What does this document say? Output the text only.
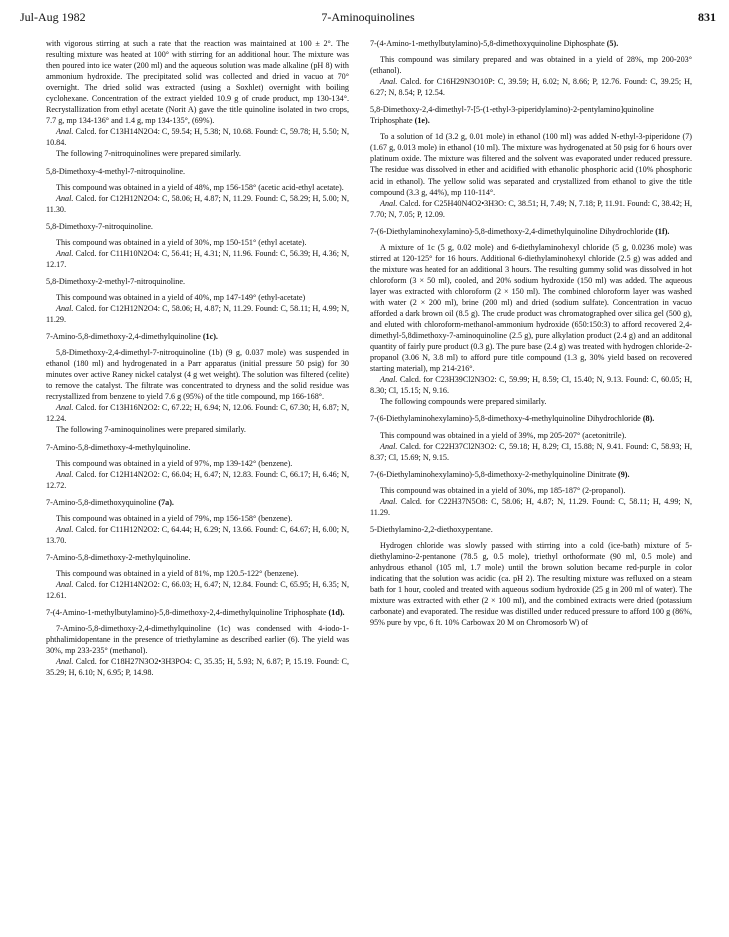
Jul-Aug 1982	7-Aminoquinolines	831

with vigorous stirring at such a rate that the reaction was maintained at 100 ± 2°. The resulting mixture was heated at 100° with stirring for an additional hour. The mixture was then poured into ice water (200 ml) and the aqueous solution was made alkaline (pH 8) with ammonium hydroxide. The precipitated solid was collected and dried in vacuo at 70° overnight. The dried solid was extracted (using a Soxhlet) overnight with boiling cyclohexane. Concentration of the extract yielded 10.9 g of crude product, mp 130-134°. Recrystallization from ethyl acetate (Norit A) gave the title quinoline isolated in two crops, 7.7 g, mp 134-136° and 1.4 g, mp 134-135°, (69%).

Anal. Calcd. for C13H14N2O4: C, 59.54; H, 5.38; N, 10.68. Found: C, 59.78; H, 5.50; N, 10.84.

The following 7-nitroquinolines were prepared similarly.

5,8-Dimethoxy-4-methyl-7-nitroquinoline.

This compound was obtained in a yield of 48%, mp 156-158° (acetic acid-ethyl acetate).

Anal. Calcd. for C12H12N2O4: C, 58.06; H, 4.87; N, 11.29. Found: C, 58.29; H, 5.00; N, 11.30.

5,8-Dimethoxy-7-nitroquinoline.

This compound was obtained in a yield of 30%, mp 150-151° (ethyl acetate).

Anal. Calcd. for C11H10N2O4: C, 56.41; H, 4.31; N, 11.96. Found: C, 56.39; H, 4.36; N, 12.17.

5,8-Dimethoxy-2-methyl-7-nitroquinoline.

This compound was obtained in a yield of 40%, mp 147-149° (ethyl-acetate)

Anal. Calcd. for C12H12N2O4: C, 58.06; H, 4.87; N, 11.29. Found: C, 58.11; H, 4.99; N, 11.29.

7-Amino-5,8-dimethoxy-2,4-dimethylquinoline (1c).

5,8-Dimethoxy-2,4-dimethyl-7-nitroquinoline (1b) (9 g, 0.037 mole) was suspended in ethanol (180 ml) and hydrogenated in a Parr apparatus (initial pressure 50 psig) for 30 minutes over active Raney nickel catalyst (4 g wet weight). The solution was filtered (celite) to remove the catalyst. The filtrate was concentrated to dryness and the solid residue was recrystallized from benzene to yield 7.6 g (95%) of the title compound, mp 166-168°.

Anal. Calcd. for C13H16N2O2: C, 67.22; H, 6.94; N, 12.06. Found: C, 67.30; H, 6.87; N, 12.24.

The following 7-aminoquinolines were prepared similarly.

7-Amino-5,8-dimethoxy-4-methylquinoline.

This compound was obtained in a yield of 97%, mp 139-142° (benzene).

Anal. Calcd. for C12H14N2O2: C, 66.04; H, 6.47; N, 12.83. Found: C, 66.17; H, 6.46; N, 12.72.

7-Amino-5,8-dimethoxyquinoline (7a).

This compound was obtained in a yield of 79%, mp 156-158° (benzene).

Anal. Calcd. for C11H12N2O2: C, 64.44; H, 6.29; N, 13.66. Found: C, 64.67; H, 6.00; N, 13.70.

7-Amino-5,8-dimethoxy-2-methylquinoline.

This compound was obtained in a yield of 81%, mp 120.5-122° (benzene).

Anal. Calcd. for C12H14N2O2: C, 66.03; H, 6.47; N, 12.84. Found: C, 65.95; H, 6.35; N, 12.61.

7-(4-Amino-1-methylbutylamino)-5,8-dimethoxy-2,4-dimethylquinoline Triphosphate (1d).

7-Amino-5,8-dimethoxy-2,4-dimethylquinoline (1c) was condensed with 4-iodo-1-phthalimidopentane in the presence of triethylamine as described earlier (6). The yield was 30%, mp 233-235° (methanol).

Anal. Calcd. for C18H27N3O2•3H3PO4: C, 35.35; H, 5.93; N, 6.87; P, 15.19. Found: C, 35.29; H, 6.10; N, 6.95; P, 14.98.

7-(4-Amino-1-methylbutylamino)-5,8-dimethoxyquinoline Diphosphate (5).

This compound was similary prepared and was obtained in a yield of 28%, mp 200-203° (ethanol).

Anal. Calcd. for C16H29N3O10P: C, 39.59; H, 6.02; N, 8.66; P, 12.76. Found: C, 39.25; H, 6.27; N, 8.54; P, 12.54.

5,8-Dimethoxy-2,4-dimethyl-7-[5-(1-ethyl-3-piperidylamino)-2-pentylamino]quinoline Triphosphate (1e).

To a solution of 1d (3.2 g, 0.01 mole) in ethanol (100 ml) was added N-ethyl-3-piperidone (7) (1.67 g, 0.013 mole) in ethanol (10 ml). The mixture was hydrogenated at 50 psig for 6 hours over platinum oxide. The mixture was filtered and the solvent was evaporated under reduced pressure. The residue was dissolved in ether and acidified with ethanolic phosphoric acid (10% phosphoric acid in ethanol). The yellow solid was separated and crystallized from ethanol to give the title compound (3.3 g, 44%), mp 110-114°.

Anal. Calcd. for C25H40N4O2•3H3O: C, 38.51; H, 7.49; N, 7.18; P, 11.91. Found: C, 38.42; H, 7.70; N, 7.05; P, 12.09.

7-(6-Diethylaminohexylamino)-5,8-dimethoxy-2,4-dimethylquinoline Dihydrochloride (1f).

A mixture of 1c (5 g, 0.02 mole) and 6-diethylaminohexyl chloride (5 g, 0.0236 mole) was stirred at 120-125° for 16 hours. Additional 6-diethylaminohexyl chloride (2.5 g) was added and the mixture was heated for an additional 3 hours. The resulting gummy solid was dissolved in hot chloroform (3 × 50 ml), cooled, and 20% sodium hydroxide (150 ml) was added. The aqueous layer was extracted with chloroform (2 × 150 ml). The combined chloroform layer was washed with water (2 × 200 ml), brine (200 ml) and dried (sodium sulfate). Concentration in vacuo afforded a dark brown oil (8.5 g). The crude product was chromatographed over silica gel (500 g), and eluted with chloroform-methanol-ammonium hydroxide (650:150:3) to afford recovered 2,4-dimethyl-5,8dimethoxy-7-aminoquinoline (2.5 g), pure alkylation product (2.4 g) and an additonal quantity of fairly pure product (0.3 g). The pure base (2.4 g) was treated with hydrogen chloride-2-propanol (3.06 N, 3.8 ml) to afford pure title compound (1.3 g, 30% yield based on recovered starting material), mp 214-216°.

Anal. Calcd. for C23H39Cl2N3O2: C, 59.99; H, 8.59; Cl, 15.40; N, 9.13. Found: C, 60.05; H, 8.30; Cl, 15.15; N, 9.16.

The following compounds were prepared similarly.

7-(6-Diethylaminohexylamino)-5,8-dimethoxy-4-methylquinoline Dihydrochloride (8).

This compound was obtained in a yield of 39%, mp 205-207° (acetonitrile).

Anal. Calcd. for C22H37Cl2N3O2: C, 59.18; H, 8.29; Cl, 15.88; N, 9.41. Found: C, 58.93; H, 8.37; Cl, 15.69; N, 9.15.

7-(6-Diethylaminohexylamino)-5,8-dimethoxy-2-methylquinoline Dinitrate (9).

This compound was obtained in a yield of 30%, mp 185-187° (2-propanol).

Anal. Calcd. for C22H37N5O8: C, 58.06; H, 4.87; N, 11.29. Found: C, 58.11; H, 4.99; N, 11.29.

5-Diethylamino-2,2-diethoxypentane.

Hydrogen chloride was slowly passed with stirring into a cold (ice-bath) mixture of 5-diethylamino-2-pentanone (78.5 g, 0.5 mole), triethyl orthoformate (90 ml, 0.5 mole) and anhydrous ethanol (105 ml, 1.7 mole) until the brown solution became red-purple in color indicating that the solution was acidic (ca. pH 2). The resulting mixture was refluxed on a steam bath for 1 hour, cooled and treated with aqueous sodium hydroxide (25 g in 200 ml of water). The mixture was extracted with ether (2 × 100 ml), and the combined extracts were dried (potassium carbonate) and evaporated. The residue was distilled under reduced pressure to afford 100 g (86%, 95% pure by vpc, 6 ft. 10% Carbowax 20 M on Chromosorb W) of
